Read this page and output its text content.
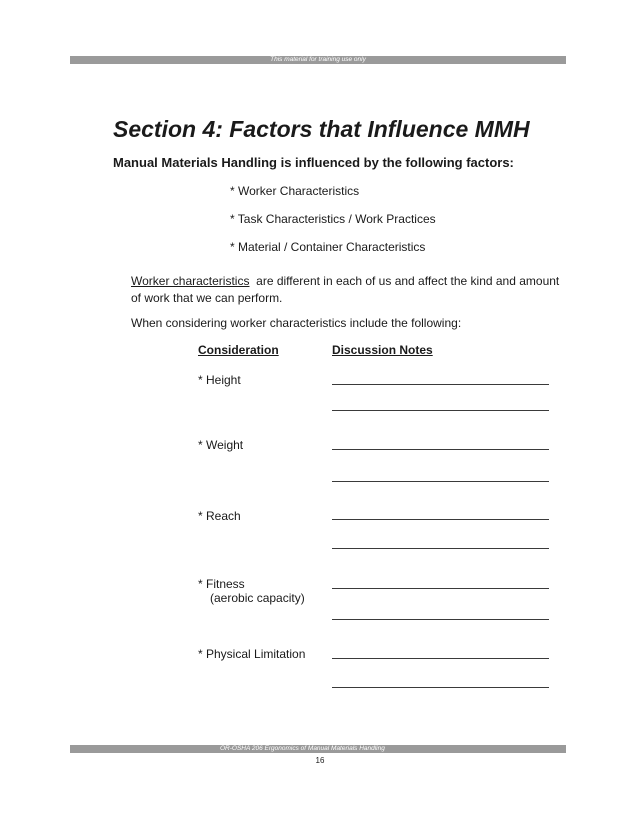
This material for training use only
Section 4: Factors that Influence MMH
Manual Materials Handling is influenced by the following factors:
* Worker Characteristics
* Task Characteristics / Work Practices
* Material / Container Characteristics
Worker characteristics are different in each of us and affect the kind and amount of work that we can perform.
When considering worker characteristics include the following:
Consideration	Discussion Notes
* Height
* Weight
* Reach
* Fitness
(aerobic capacity)
* Physical Limitation
OR-OSHA 206 Ergonomics of Manual Materials Handling
16
